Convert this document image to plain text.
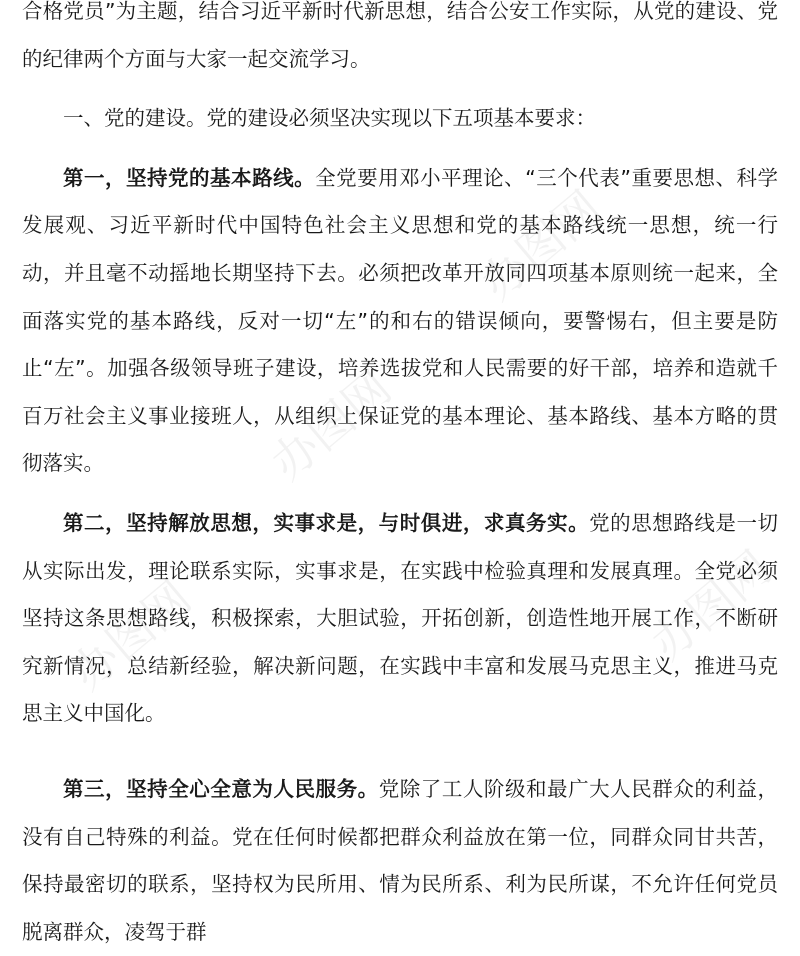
办图网
办图网
办图网
办图网

合格党员”为主题，结合习近平新时代新思想，结合公安工作实际，从党的建设、党的纪律两个方面与大家一起交流学习。

一、党的建设。党的建设必须坚决实现以下五项基本要求：

第一，坚持党的基本路线。全党要用邓小平理论、“三个代表”重要思想、科学发展观、习近平新时代中国特色社会主义思想和党的基本路线统一思想，统一行动，并且毫不动摇地长期坚持下去。必须把改革开放同四项基本原则统一起来，全面落实党的基本路线，反对一切“左”的和右的错误倾向，要警惕右，但主要是防止“左”。加强各级领导班子建设，培养选拔党和人民需要的好干部，培养和造就千百万社会主义事业接班人，从组织上保证党的基本理论、基本路线、基本方略的贯彻落实。

第二，坚持解放思想，实事求是，与时俱进，求真务实。党的思想路线是一切从实际出发，理论联系实际，实事求是，在实践中检验真理和发展真理。全党必须坚持这条思想路线，积极探索，大胆试验，开拓创新，创造性地开展工作，不断研究新情况，总结新经验，解决新问题，在实践中丰富和发展马克思主义，推进马克思主义中国化。

第三，坚持全心全意为人民服务。党除了工人阶级和最广大人民群众的利益，没有自己特殊的利益。党在任何时候都把群众利益放在第一位，同群众同甘共苦，保持最密切的联系，坚持权为民所用、情为民所系、利为民所谋，不允许任何党员脱离群众，凌驾于群
